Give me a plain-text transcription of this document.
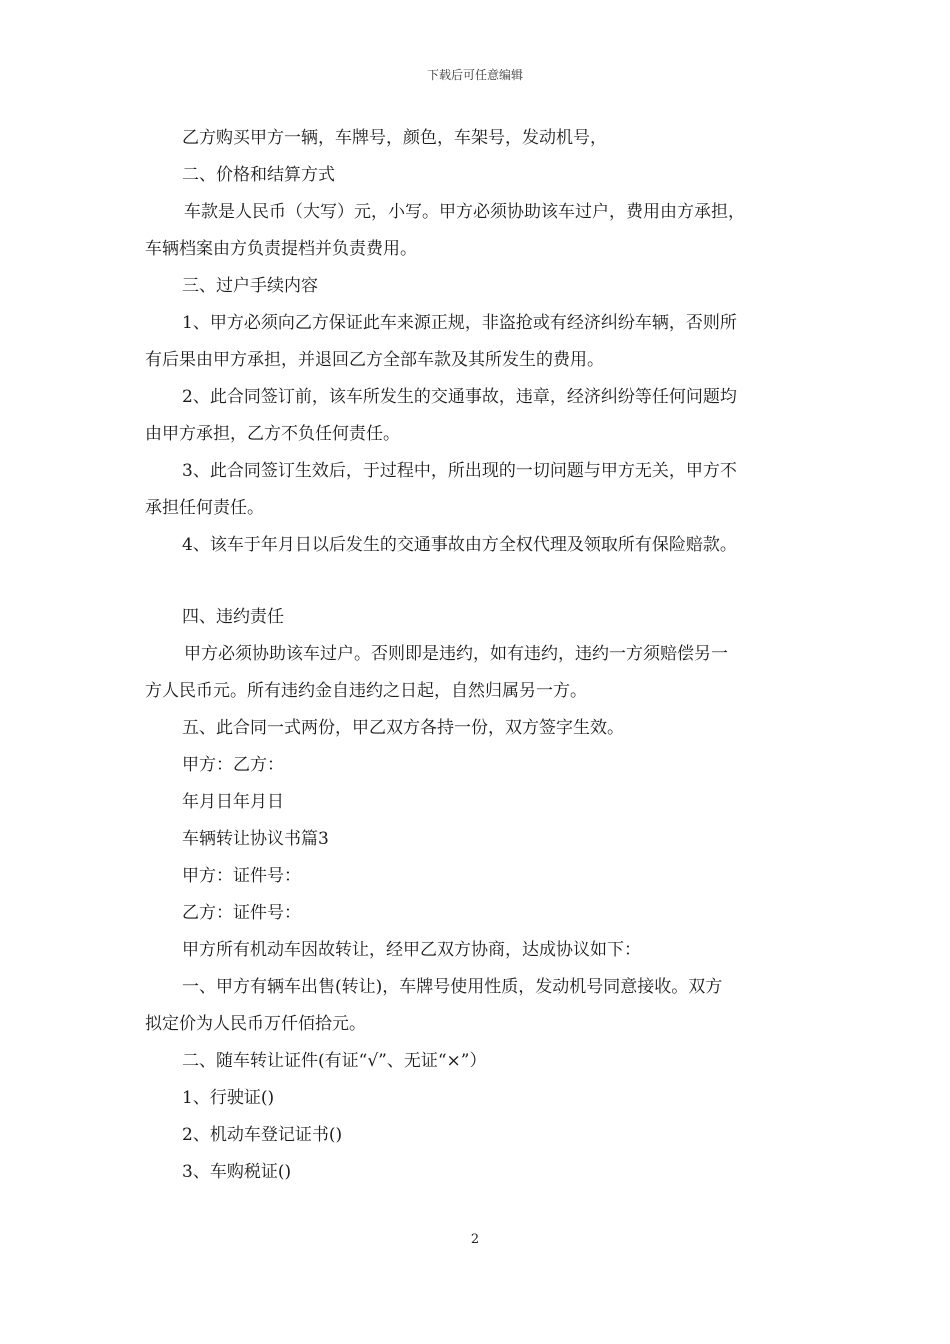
下载后可任意编辑
乙方购买甲方一辆，车牌号，颜色，车架号，发动机号，
二、价格和结算方式
车款是人民币（大写）元，小写。甲方必须协助该车过户，费用由方承担，
车辆档案由方负责提档并负责费用。
三、过户手续内容
1、甲方必须向乙方保证此车来源正规，非盗抢或有经济纠纷车辆，否则所
有后果由甲方承担，并退回乙方全部车款及其所发生的费用。
2、此合同签订前，该车所发生的交通事故，违章，经济纠纷等任何问题均
由甲方承担，乙方不负任何责任。
3、此合同签订生效后，于过程中，所出现的一切问题与甲方无关，甲方不
承担任何责任。
4、该车于年月日以后发生的交通事故由方全权代理及领取所有保险赔款。
四、违约责任
甲方必须协助该车过户。否则即是违约，如有违约，违约一方须赔偿另一
方人民币元。所有违约金自违约之日起，自然归属另一方。
五、此合同一式两份，甲乙双方各持一份，双方签字生效。
甲方：乙方：
年月日年月日
车辆转让协议书篇3
甲方：证件号：
乙方：证件号：
甲方所有机动车因故转让，经甲乙双方协商，达成协议如下：
一、甲方有辆车出售(转让)，车牌号使用性质，发动机号同意接收。双方
拟定价为人民币万仟佰拾元。
二、随车转让证件(有证“√”、无证“×”）
1、行驶证()
2、机动车登记证书()
3、车购税证()
2
